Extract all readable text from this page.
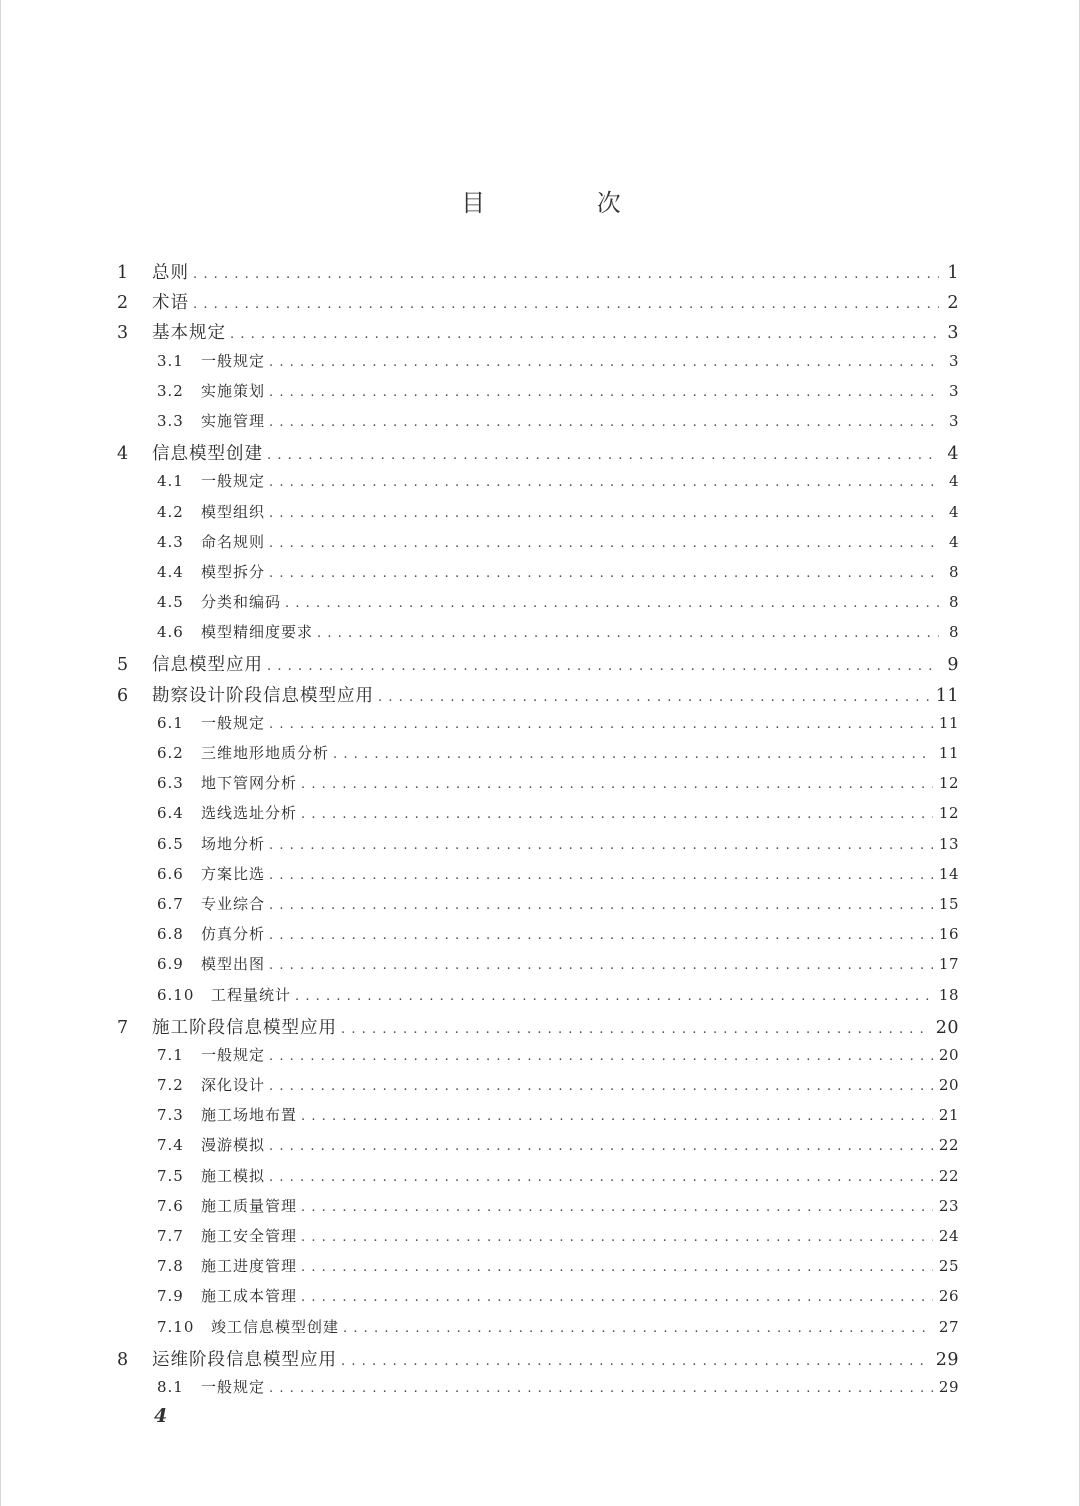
目 次
1	总则 .....	1
2	术语 .....	2
3	基本规定 .....	3
3.1	一般规定 .....	3
3.2	实施策划 .....	3
3.3	实施管理 .....	3
4	信息模型创建 .....	4
4.1	一般规定 .....	4
4.2	模型组织 .....	4
4.3	命名规则 .....	4
4.4	模型拆分 .....	8
4.5	分类和编码 .....	8
4.6	模型精细度要求 .....	8
5	信息模型应用 .....	9
6	勘察设计阶段信息模型应用 .....	11
6.1	一般规定 .....	11
6.2	三维地形地质分析 .....	11
6.3	地下管网分析 .....	12
6.4	选线选址分析 .....	12
6.5	场地分析 .....	13
6.6	方案比选 .....	14
6.7	专业综合 .....	15
6.8	仿真分析 .....	16
6.9	模型出图 .....	17
6.10	工程量统计 .....	18
7	施工阶段信息模型应用 .....	20
7.1	一般规定 .....	20
7.2	深化设计 .....	20
7.3	施工场地布置 .....	21
7.4	漫游模拟 .....	22
7.5	施工模拟 .....	22
7.6	施工质量管理 .....	23
7.7	施工安全管理 .....	24
7.8	施工进度管理 .....	25
7.9	施工成本管理 .....	26
7.10	竣工信息模型创建 .....	27
8	运维阶段信息模型应用 .....	29
8.1	一般规定 .....	29
4
